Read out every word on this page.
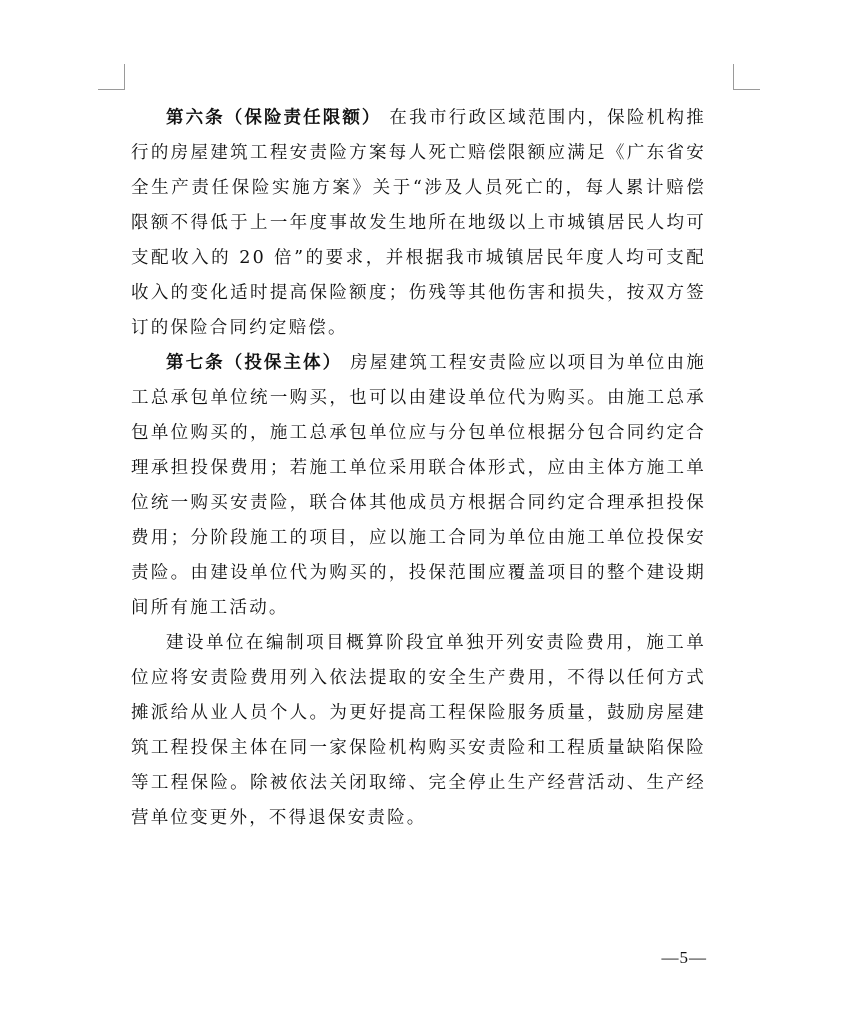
第六条（保险责任限额） 在我市行政区域范围内，保险机构推行的房屋建筑工程安责险方案每人死亡赔偿限额应满足《广东省安全生产责任保险实施方案》关于“涉及人员死亡的，每人累计赔偿限额不得低于上一年度事故发生地所在地级以上市城镇居民人均可支配收入的 20 倍”的要求，并根据我市城镇居民年度人均可支配收入的变化适时提高保险额度；伤残等其他伤害和损失，按双方签订的保险合同约定赔偿。

第七条（投保主体） 房屋建筑工程安责险应以项目为单位由施工总承包单位统一购买，也可以由建设单位代为购买。由施工总承包单位购买的，施工总承包单位应与分包单位根据分包合同约定合理承担投保费用；若施工单位采用联合体形式，应由主体方施工单位统一购买安责险，联合体其他成员方根据合同约定合理承担投保费用；分阶段施工的项目，应以施工合同为单位由施工单位投保安责险。由建设单位代为购买的，投保范围应覆盖项目的整个建设期间所有施工活动。

建设单位在编制项目概算阶段宜单独开列安责险费用，施工单位应将安责险费用列入依法提取的安全生产费用，不得以任何方式摊派给从业人员个人。为更好提高工程保险服务质量，鼓励房屋建筑工程投保主体在同一家保险机构购买安责险和工程质量缺陷保险等工程保险。除被依法关闭取缔、完全停止生产经营活动、生产经营单位变更外，不得退保安责险。

—5—
